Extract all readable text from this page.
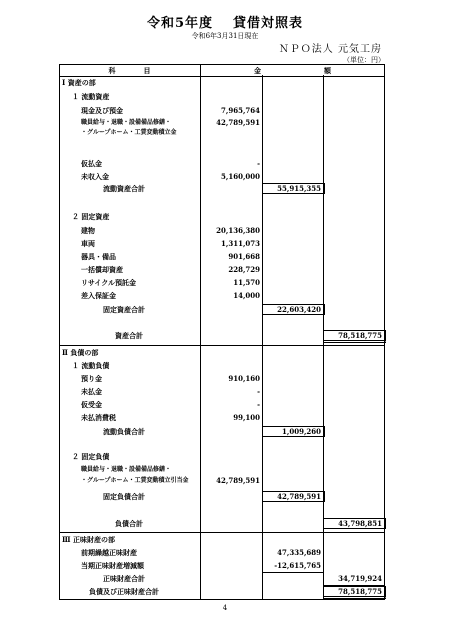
令和5年度 貸借対照表
令和6年3月31日現在
ＮＰＯ法人 元気工房
（単位：円）
科　　　　目	金　　　　　　　　　額
Ⅰ 資産の部
１ 流動資産
現金及び預金	7,965,764
職員給与・退職・設備備品修繕・	42,789,591
・グループホーム・工賃変動積立金
仮払金	-
未収入金	5,160,000
流動資産合計	55,915,355
２ 固定資産
建物	20,136,380
車両	1,311,073
器具・備品	901,668
一括償却資産	228,729
リサイクル預託金	11,570
差入保証金	14,000
固定資産合計	22,603,420
資産合計	78,518,775
Ⅱ 負債の部
１ 流動負債
預り金	910,160
未払金	-
仮受金	-
未払消費税	99,100
流動負債合計	1,009,260
２ 固定負債
職員給与・退職・設備備品修繕・
・グループホーム・工賃変動積立引当金	42,789,591
固定負債合計	42,789,591
負債合計	43,798,851
Ⅲ 正味財産の部
前期繰越正味財産	47,335,689
当期正味財産増減額	-12,615,765
正味財産合計	34,719,924
負債及び正味財産合計	78,518,775
4
